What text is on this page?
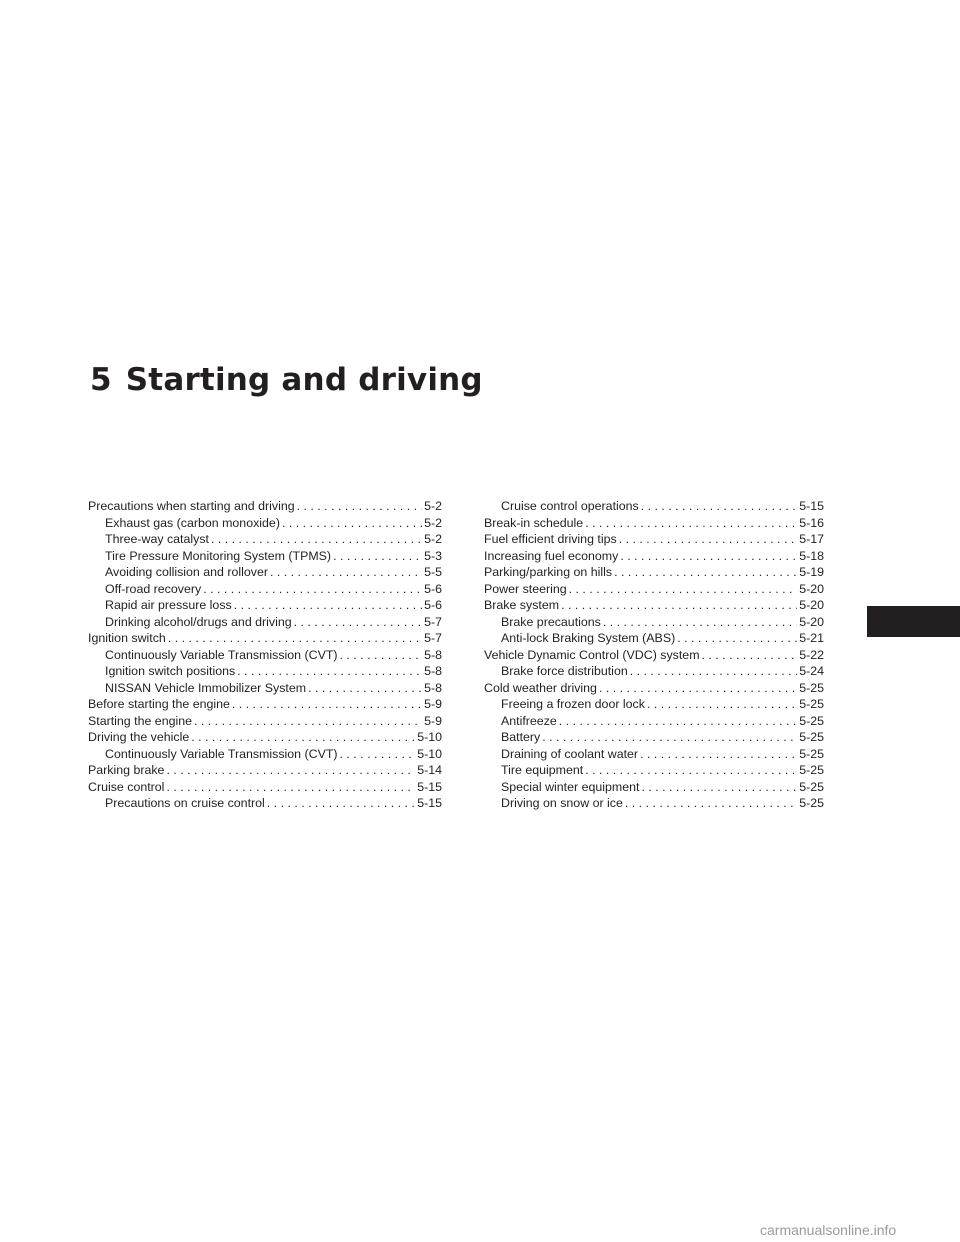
5 Starting and driving
Precautions when starting and driving . . .	5-2
Exhaust gas (carbon monoxide) . . .	5-2
Three-way catalyst . . .	5-2
Tire Pressure Monitoring System (TPMS) . . .	5-3
Avoiding collision and rollover . . .	5-5
Off-road recovery . . .	5-6
Rapid air pressure loss . . .	5-6
Drinking alcohol/drugs and driving . . .	5-7
Ignition switch . . .	5-7
Continuously Variable Transmission (CVT) . . .	5-8
Ignition switch positions . . .	5-8
NISSAN Vehicle Immobilizer System . . .	5-8
Before starting the engine . . .	5-9
Starting the engine . . .	5-9
Driving the vehicle . . .	5-10
Continuously Variable Transmission (CVT) . . .	5-10
Parking brake . . .	5-14
Cruise control . . .	5-15
Precautions on cruise control . . .	5-15
Cruise control operations . . .	5-15
Break-in schedule . . .	5-16
Fuel efficient driving tips . . .	5-17
Increasing fuel economy . . .	5-18
Parking/parking on hills . . .	5-19
Power steering . . .	5-20
Brake system . . .	5-20
Brake precautions . . .	5-20
Anti-lock Braking System (ABS) . . .	5-21
Vehicle Dynamic Control (VDC) system . . .	5-22
Brake force distribution . . .	5-24
Cold weather driving . . .	5-25
Freeing a frozen door lock . . .	5-25
Antifreeze . . .	5-25
Battery . . .	5-25
Draining of coolant water . . .	5-25
Tire equipment . . .	5-25
Special winter equipment . . .	5-25
Driving on snow or ice . . .	5-25
carmanualsonline.info
